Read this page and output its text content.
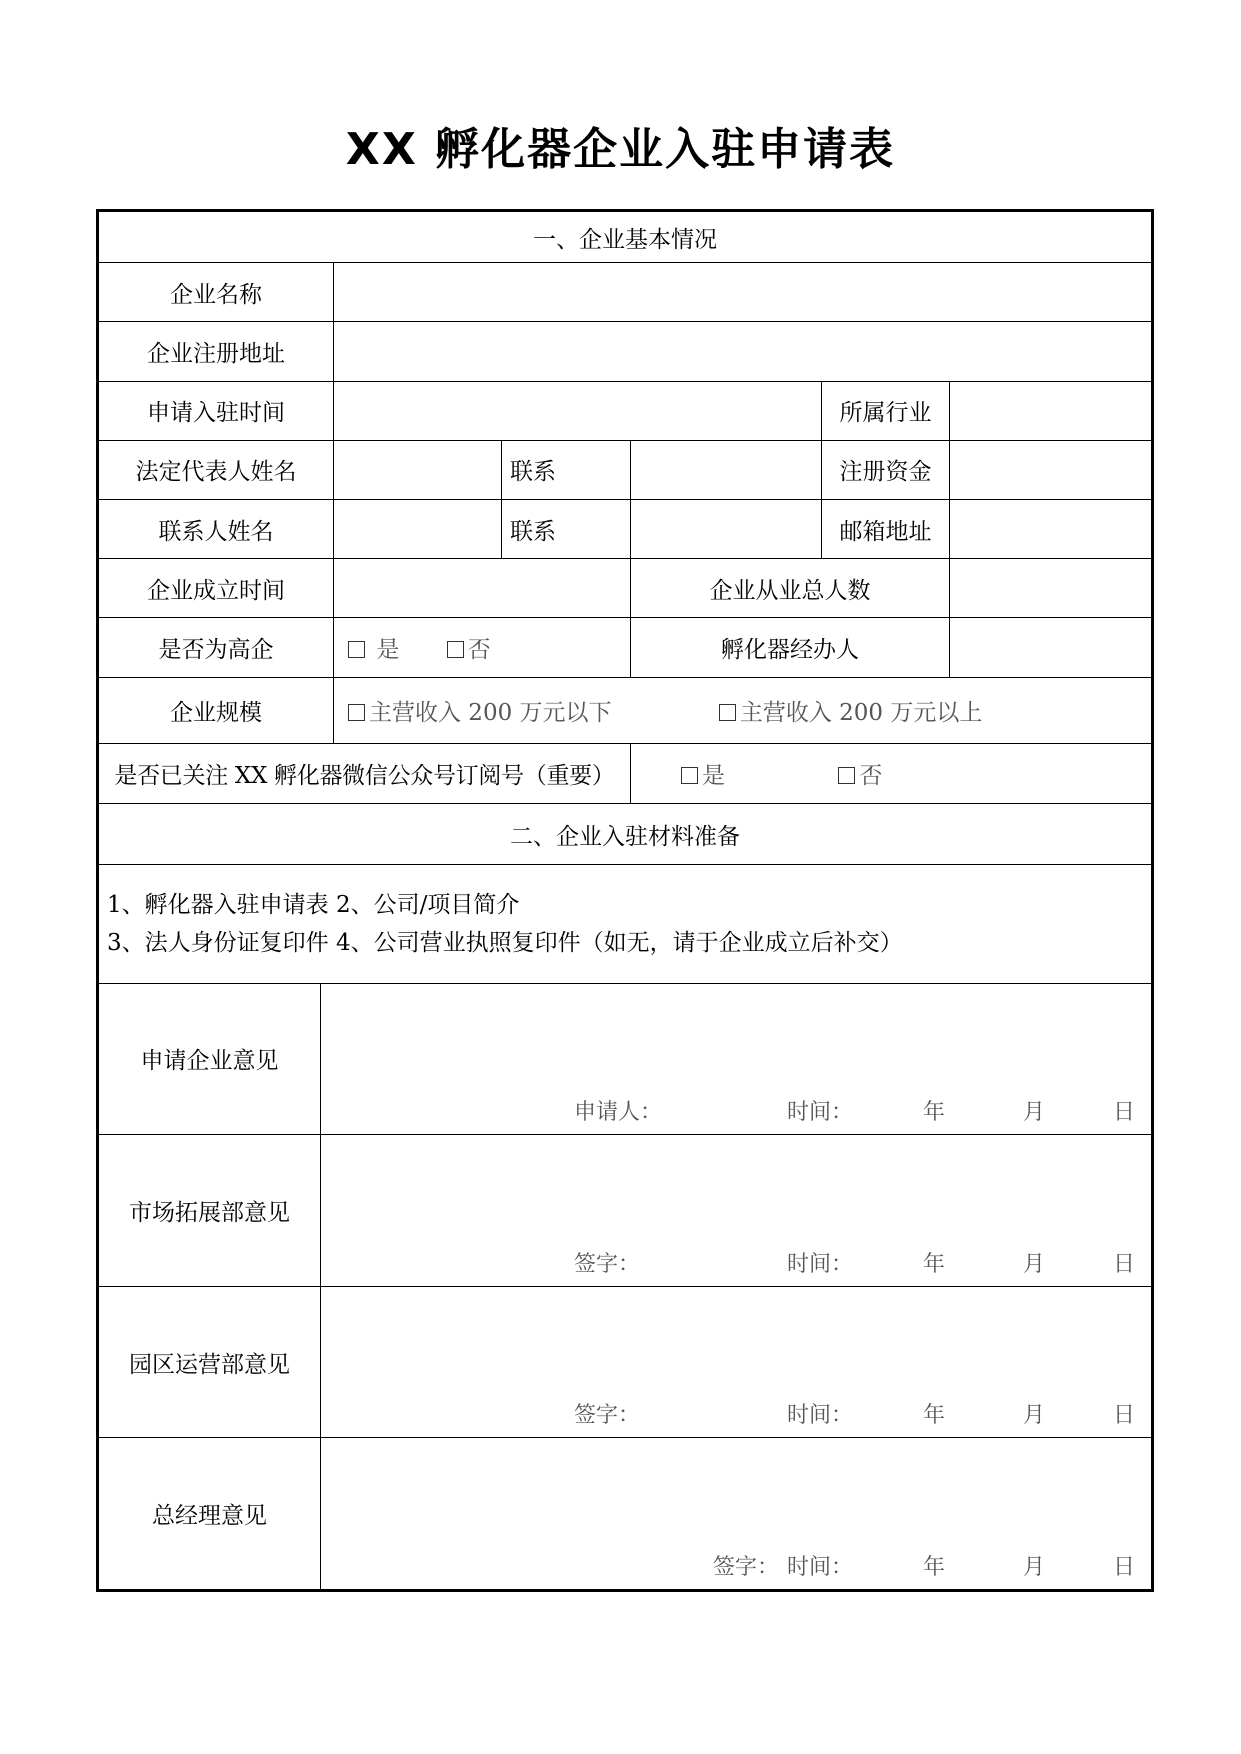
XX 孵化器企业入驻申请表
一、企业基本情况						
企业名称						
企业注册地址						
申请入驻时间					所属行业	
法定代表人姓名			联系		注册资金	
联系人姓名			联系		邮箱地址	
企业成立时间				企业从业总人数		
是否为高企		是 否		孵化器经办人		
企业规模		主营收入 200 万元以下 主营收入 200 万元以上				
是否已关注 XX 孵化器微信公众号订阅号（重要）				是 否		
二、企业入驻材料准备						

1、孵化器入驻申请表 2、公司/项目简介
3、法人身份证复印件 4、公司营业执照复印件（如无，请于企业成立后补交）						

申请企业意见	申请人： 时间： 年 月 日					

市场拓展部意见	签字： 时间： 年 月 日					

园区运营部意见	签字： 时间： 年 月 日					

总经理意见	签字： 时间： 年 月 日					
